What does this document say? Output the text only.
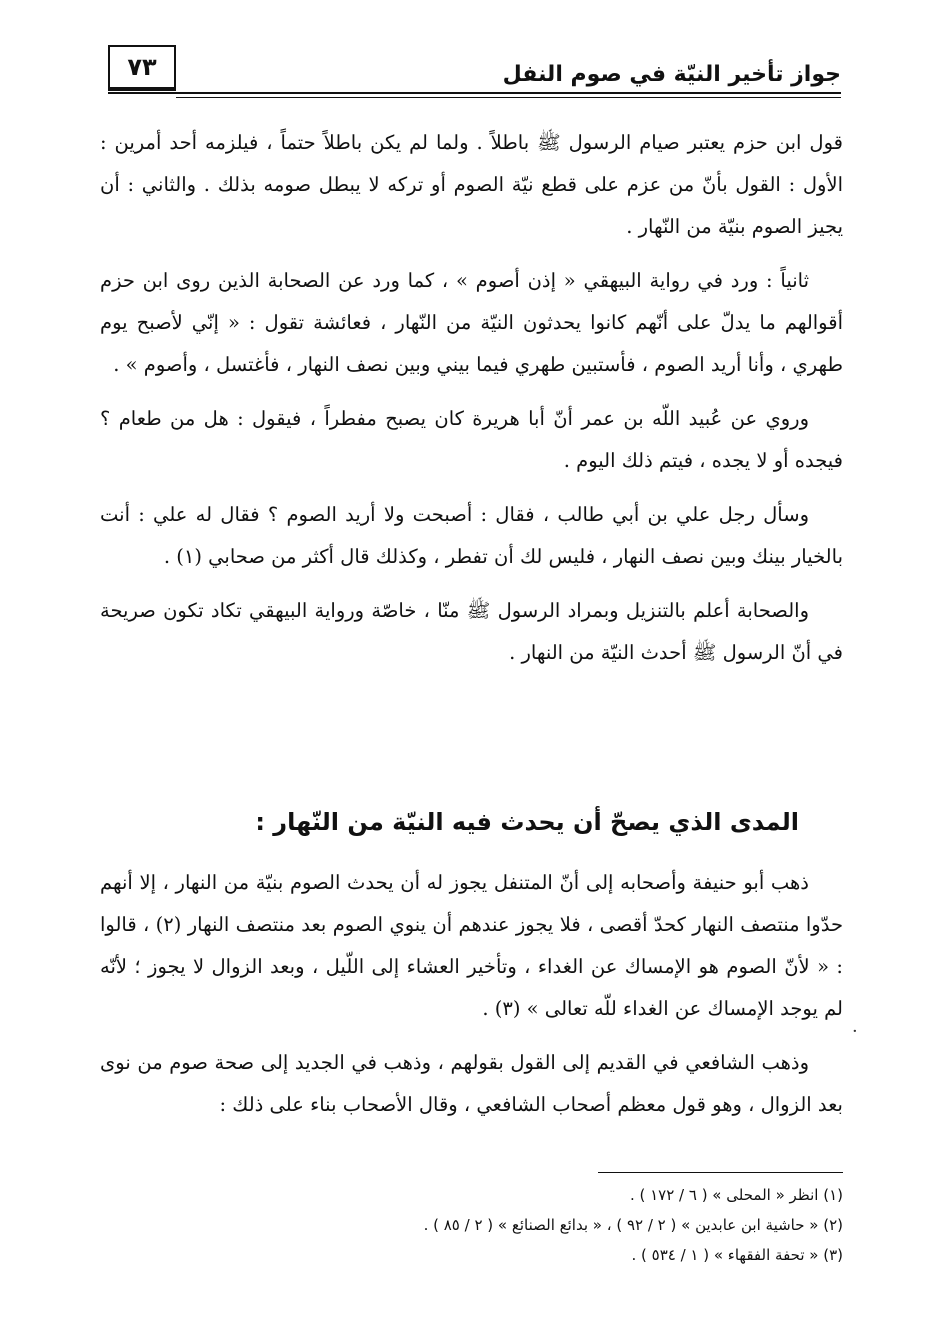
٧٣	جواز تأخير النيّة في صوم النفل

قول ابن حزم يعتبر صيام الرسول ﷺ باطلاً . ولما لم يكن باطلاً حتماً ، فيلزمه أحد أمرين : الأول : القول بأنّ من عزم على قطع نيّة الصوم أو تركه لا يبطل صومه بذلك . والثاني : أن يجيز الصوم بنيّة من النّهار .

ثانياً : ورد في رواية البيهقي « إذن أصوم » ، كما ورد عن الصحابة الذين روى ابن حزم أقوالهم ما يدلّ على أنّهم كانوا يحدثون النيّة من النّهار ، فعائشة تقول : « إنّي لأصبح يوم طهري ، وأنا أريد الصوم ، فأستبين طهري فيما بيني وبين نصف النهار ، فأغتسل ، وأصوم » .

وروي عن عُبيد اللّه بن عمر أنّ أبا هريرة كان يصبح مفطراً ، فيقول : هل من طعام ؟ فيجده أو لا يجده ، فيتم ذلك اليوم .

وسأل رجل علي بن أبي طالب ، فقال : أصبحت ولا أريد الصوم ؟ فقال له علي : أنت بالخيار بينك وبين نصف النهار ، فليس لك أن تفطر ، وكذلك قال أكثر من صحابي (١) .

والصحابة أعلم بالتنزيل وبمراد الرسول ﷺ منّا ، خاصّة ورواية البيهقي تكاد تكون صريحة في أنّ الرسول ﷺ أحدث النيّة من النهار .

المدى الذي يصحّ أن يحدث فيه النيّة من النّهار :

ذهب أبو حنيفة وأصحابه إلى أنّ المتنفل يجوز له أن يحدث الصوم بنيّة من النهار ، إلا أنهم حدّوا منتصف النهار كحدّ أقصى ، فلا يجوز عندهم أن ينوي الصوم بعد منتصف النهار (٢) ، قالوا : « لأنّ الصوم هو الإمساك عن الغداء ، وتأخير العشاء إلى اللّيل ، وبعد الزوال لا يجوز ؛ لأنّه لم يوجد الإمساك عن الغداء للّه تعالى » (٣) .

وذهب الشافعي في القديم إلى القول بقولهم ، وذهب في الجديد إلى صحة صوم من نوى بعد الزوال ، وهو قول معظم أصحاب الشافعي ، وقال الأصحاب بناء على ذلك :

·
(١) انظر « المحلى » ( ٦ / ١٧٢ ) .
(٢) « حاشية ابن عابدين » ( ٢ / ٩٢ ) ، « بدائع الصنائع » ( ٢ / ٨٥ ) .
(٣) « تحفة الفقهاء » ( ١ / ٥٣٤ ) .
